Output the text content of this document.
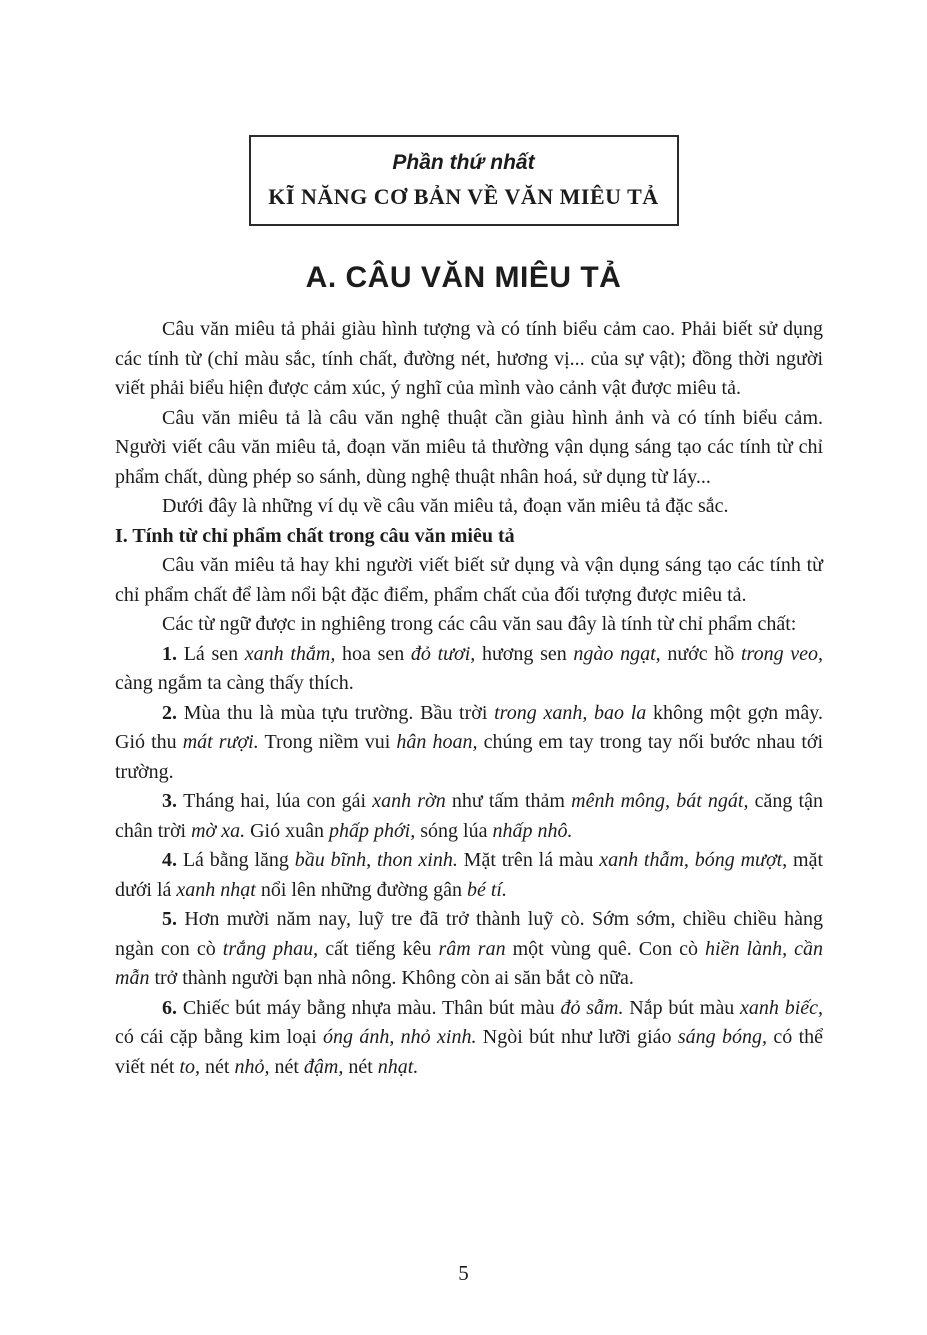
Phần thứ nhất
KĨ NĂNG CƠ BẢN VỀ VĂN MIÊU TẢ
A. CÂU VĂN MIÊU TẢ

Câu văn miêu tả phải giàu hình tượng và có tính biểu cảm cao. Phải biết sử dụng các tính từ (chỉ màu sắc, tính chất, đường nét, hương vị... của sự vật); đồng thời người viết phải biểu hiện được cảm xúc, ý nghĩ của mình vào cảnh vật được miêu tả.

Câu văn miêu tả là câu văn nghệ thuật cần giàu hình ảnh và có tính biểu cảm. Người viết câu văn miêu tả, đoạn văn miêu tả thường vận dụng sáng tạo các tính từ chỉ phẩm chất, dùng phép so sánh, dùng nghệ thuật nhân hoá, sử dụng từ láy...

Dưới đây là những ví dụ về câu văn miêu tả, đoạn văn miêu tả đặc sắc.

I. Tính từ chỉ phẩm chất trong câu văn miêu tả

Câu văn miêu tả hay khi người viết biết sử dụng và vận dụng sáng tạo các tính từ chỉ phẩm chất để làm nổi bật đặc điểm, phẩm chất của đối tượng được miêu tả.

Các từ ngữ được in nghiêng trong các câu văn sau đây là tính từ chỉ phẩm chất:

1. Lá sen xanh thắm, hoa sen đỏ tươi, hương sen ngào ngạt, nước hồ trong veo, càng ngắm ta càng thấy thích.

2. Mùa thu là mùa tựu trường. Bầu trời trong xanh, bao la không một gợn mây. Gió thu mát rượi. Trong niềm vui hân hoan, chúng em tay trong tay nối bước nhau tới trường.

3. Tháng hai, lúa con gái xanh rờn như tấm thảm mênh mông, bát ngát, căng tận chân trời mờ xa. Gió xuân phấp phới, sóng lúa nhấp nhô.

4. Lá bằng lăng bầu bĩnh, thon xinh. Mặt trên lá màu xanh thẫm, bóng mượt, mặt dưới lá xanh nhạt nổi lên những đường gân bé tí.

5. Hơn mười năm nay, luỹ tre đã trở thành luỹ cò. Sớm sớm, chiều chiều hàng ngàn con cò trắng phau, cất tiếng kêu râm ran một vùng quê. Con cò hiền lành, cần mẫn trở thành người bạn nhà nông. Không còn ai săn bắt cò nữa.

6. Chiếc bút máy bằng nhựa màu. Thân bút màu đỏ sẫm. Nắp bút màu xanh biếc, có cái cặp bằng kim loại óng ánh, nhỏ xinh. Ngòi bút như lưỡi giáo sáng bóng, có thể viết nét to, nét nhỏ, nét đậm, nét nhạt.

5
